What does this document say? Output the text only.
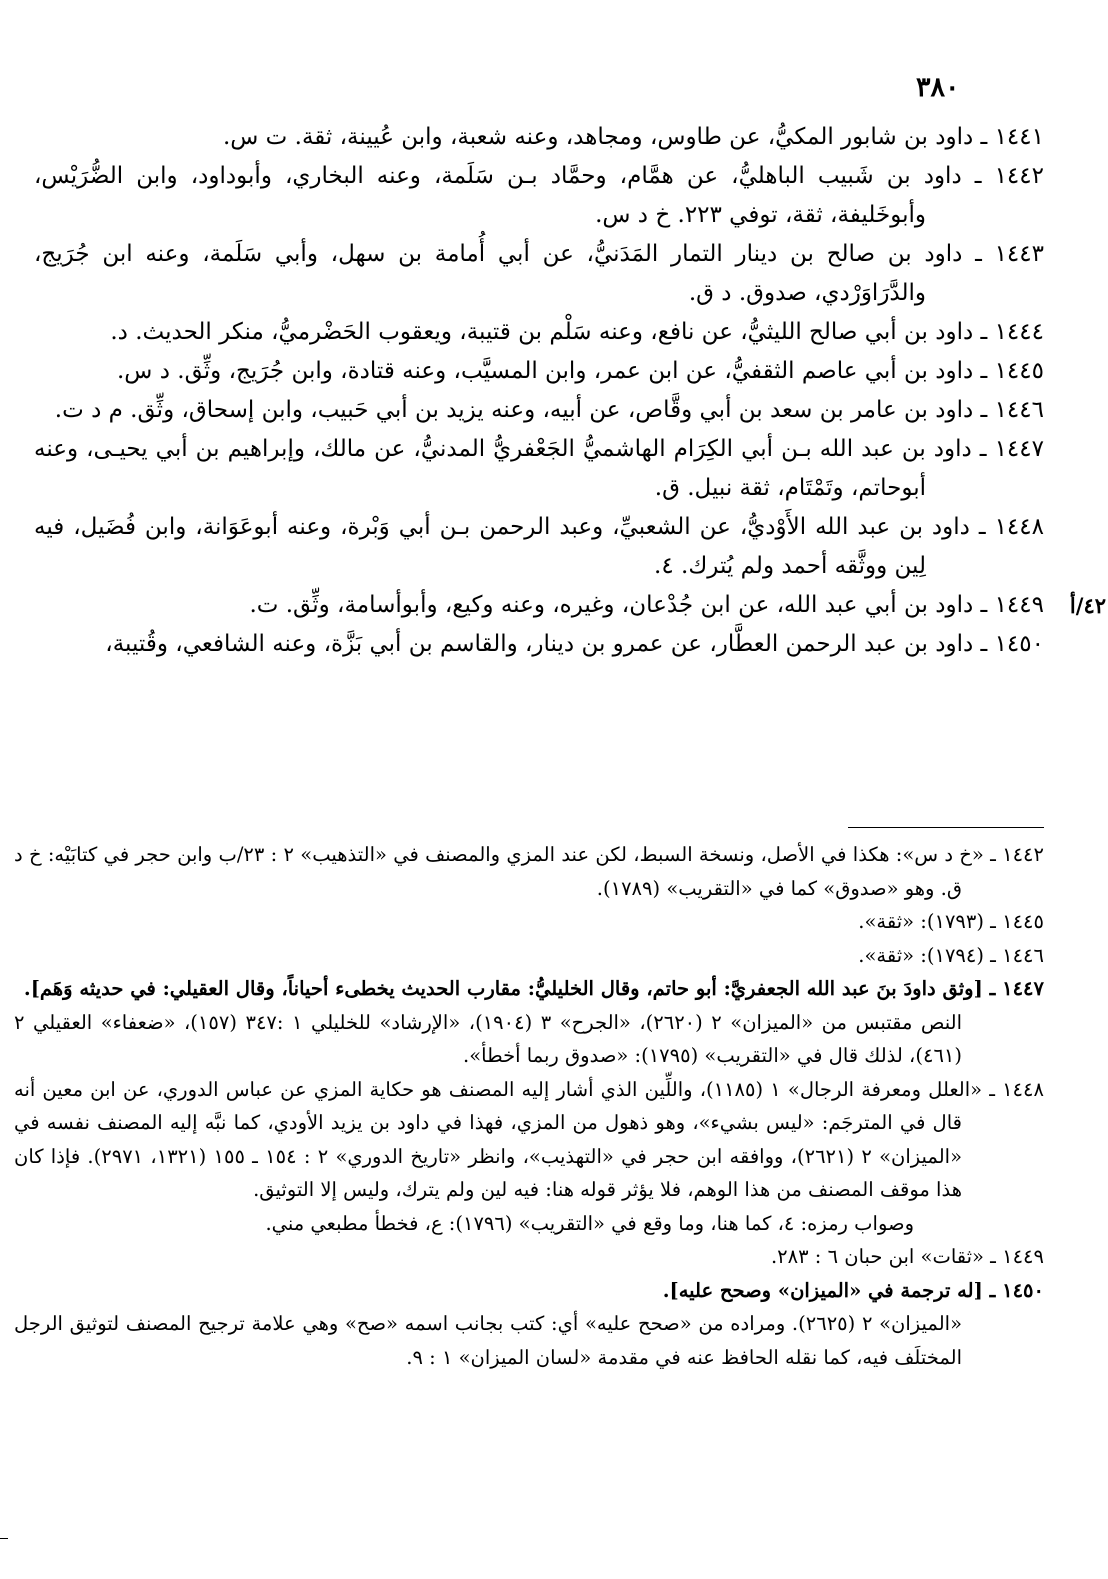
٣٨٠

١٤٤١ ـ داود بن شابور المكيُّ، عن طاوس، ومجاهد، وعنه شعبة، وابن عُيينة، ثقة. ت س.

١٤٤٢ ـ داود بن شَبيب الباهليُّ، عن همَّام، وحمَّاد بـن سَلَمة، وعنه البخاري، وأبوداود، وابن الضُّرَيْس، وأبوخَليفة، ثقة، توفي ٢٢٣. خ د س.

١٤٤٣ ـ داود بن صالح بن دينار التمار المَدَنيُّ، عن أبي أُمامة بن سهل، وأبي سَلَمة، وعنه ابن جُرَيج، والدَّرَاوَرْدي، صدوق. د ق.

١٤٤٤ ـ داود بن أبي صالح الليثيُّ، عن نافع، وعنه سَلْم بن قتيبة، ويعقوب الحَضْرميُّ، منكر الحديث. د.

١٤٤٥ ـ داود بن أبي عاصم الثقفيُّ، عن ابن عمر، وابن المسيَّب، وعنه قتادة، وابن جُرَيج، وثِّق. د س.

١٤٤٦ ـ داود بن عامر بن سعد بن أبي وقَّاص، عن أبيه، وعنه يزيد بن أبي حَبيب، وابن إسحاق، وثِّق. م د ت.

١٤٤٧ ـ داود بن عبد الله بـن أبي الكِرَام الهاشميُّ الجَعْفريُّ المدنيُّ، عن مالك، وإبراهيم بن أبي يحيـى، وعنه أبوحاتم، وتَمْتَام، ثقة نبيل. ق.

١٤٤٨ ـ داود بن عبد الله الأَوْديُّ، عن الشعبيِّ، وعبد الرحمن بـن أبي وَبْرة، وعنه أبوعَوَانة، وابن فُضَيل، فيه لِين ووثَّقه أحمد ولم يُترك. ٤.

٤٢/أ
١٤٤٩ ـ داود بن أبي عبد الله، عن ابن جُدْعان، وغيره، وعنه وكيع، وأبوأسامة، وثِّق. ت.

١٤٥٠ ـ داود بن عبد الرحمن العطَّار، عن عمرو بن دينار، والقاسم بن أبي بَزَّة، وعنه الشافعي، وقُتيبة،

١٤٤٢ ـ «خ د س»: هكذا في الأصل، ونسخة السبط، لكن عند المزي والمصنف في «التذهيب» ٢ : ٢٣/ب وابن حجر في كتابَيْه: خ د ق. وهو «صدوق» كما في «التقريب» (١٧٨٩).

١٤٤٥ ـ (١٧٩٣): «ثقة».

١٤٤٦ ـ (١٧٩٤): «ثقة».

١٤٤٧ ـ [وثق داودَ بنَ عبد الله الجعفريَّ: أبو حاتم، وقال الخليليُّ: مقارب الحديث يخطىء أحياناً، وقال العقيلي: في حديثه وَهَم].

النص مقتبس من «الميزان» ٢ (٢٦٢٠)، «الجرح» ٣ (١٩٠٤)، «الإرشاد» للخليلي ١ :٣٤٧ (١٥٧)، «ضعفاء» العقيلي ٢ (٤٦١)، لذلك قال في «التقريب» (١٧٩٥): «صدوق ربما أخطأ».

١٤٤٨ ـ «العلل ومعرفة الرجال» ١ (١١٨٥)، واللِّين الذي أشار إليه المصنف هو حكاية المزي عن عباس الدوري، عن ابن معين أنه قال في المترجَم: «ليس بشيء»، وهو ذهول من المزي، فهذا في داود بن يزيد الأودي، كما نبَّه إليه المصنف نفسه في «الميزان» ٢ (٢٦٢١)، ووافقه ابن حجر في «التهذيب»، وانظر «تاريخ الدوري» ٢ : ١٥٤ ـ ١٥٥ (١٣٢١، ٢٩٧١). فإذا كان هذا موقف المصنف من هذا الوهم، فلا يؤثر قوله هنا: فيه لين ولم يترك، وليس إلا التوثيق.

وصواب رمزه: ٤، كما هنا، وما وقع في «التقريب» (١٧٩٦): ع، فخطأ مطبعي مني.

١٤٤٩ ـ «ثقات» ابن حبان ٦ : ٢٨٣.

١٤٥٠ ـ [له ترجمة في «الميزان» وصحح عليه].

«الميزان» ٢ (٢٦٢٥). ومراده من «صحح عليه» أي: كتب بجانب اسمه «صح» وهي علامة ترجيح المصنف لتوثيق الرجل المختلَف فيه، كما نقله الحافظ عنه في مقدمة «لسان الميزان» ١ : ٩.
